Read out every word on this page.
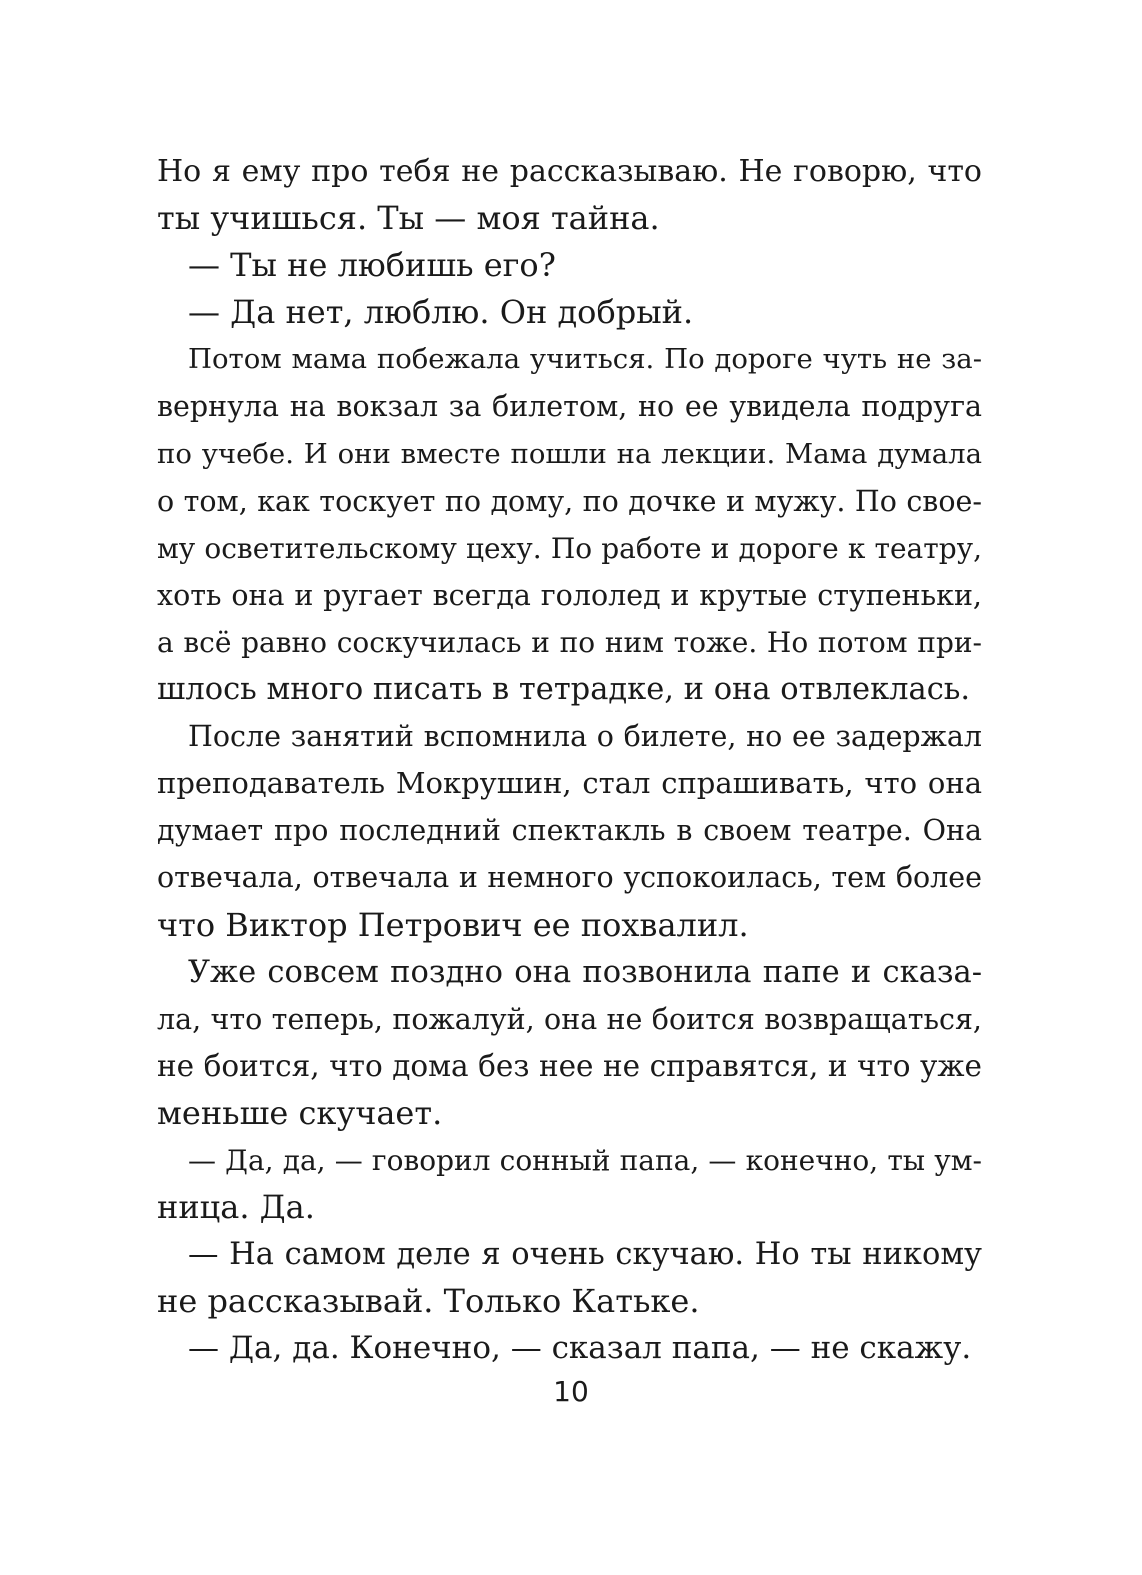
Но я ему про тебя не рассказываю. Не говорю, что
ты учишься. Ты — моя тайна.
— Ты не любишь его?
— Да нет, люблю. Он добрый.
Потом мама побежала учиться. По дороге чуть не за-
вернула на вокзал за билетом, но ее увидела подруга
по учебе. И они вместе пошли на лекции. Мама думала
о том, как тоскует по дому, по дочке и мужу. По свое-
му осветительскому цеху. По работе и дороге к театру,
хоть она и ругает всегда гололед и крутые ступеньки,
а всё равно соскучилась и по ним тоже. Но потом при-
шлось много писать в тетрадке, и она отвлеклась.
После занятий вспомнила о билете, но ее задержал
преподаватель Мокрушин, стал спрашивать, что она
думает про последний спектакль в своем театре. Она
отвечала, отвечала и немного успокоилась, тем более
что Виктор Петрович ее похвалил.
Уже совсем поздно она позвонила папе и сказа-
ла, что теперь, пожалуй, она не боится возвращаться,
не боится, что дома без нее не справятся, и что уже
меньше скучает.
— Да, да, — говорил сонный папа, — конечно, ты ум-
ница. Да.
— На самом деле я очень скучаю. Но ты никому
не рассказывай. Только Катьке.
— Да, да. Конечно, — сказал папа, — не скажу.
10
